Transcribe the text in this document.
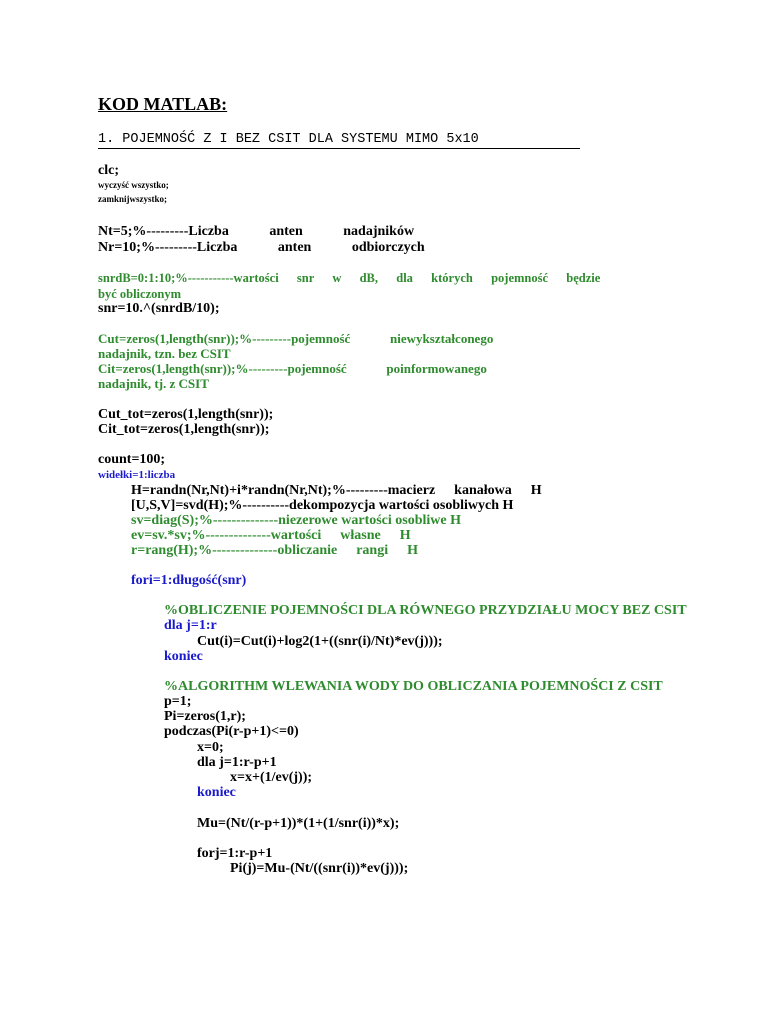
KOD MATLAB:
1. POJEMNOŚĆ Z I BEZ CSIT DLA SYSTEMU MIMO 5x10
clc;
wyczyść wszystko;
zamknijwszystko;
Nt=5;%---------Liczba   anten   nadajników
Nr=10;%---------Liczba   anten   odbiorczych
snrdB=0:1:10;%-----------wartości  snr  w  dB,  dla  których  pojemność  będzie
być obliczonym
snr=10.^(snrdB/10);
Cut=zeros(1,length(snr));%---------pojemność   niewykształconego
nadajnik, tzn. bez CSIT
Cit=zeros(1,length(snr));%---------pojemność   poinformowanego
nadajnik, tj. z CSIT
Cut_tot=zeros(1,length(snr));
Cit_tot=zeros(1,length(snr));
count=100;
widełki=1:liczba
H=randn(Nr,Nt)+i*randn(Nr,Nt);%---------macierz  kanałowa  H
[U,S,V]=svd(H);%----------dekompozycja wartości osobliwych H
sv=diag(S);%--------------niezerowe wartości osobliwe H
ev=sv.*sv;%--------------wartości  własne  H
r=rang(H);%--------------obliczanie  rangi  H
fori=1:długość(snr)
%OBLICZENIE POJEMNOŚCI DLA RÓWNEGO PRZYDZIAŁU MOCY BEZ CSIT
dla j=1:r
Cut(i)=Cut(i)+log2(1+((snr(i)/Nt)*ev(j)));
koniec
%ALGORITHM WLEWANIA WODY DO OBLICZANIA POJEMNOŚCI Z CSIT
p=1;
Pi=zeros(1,r);
podczas(Pi(r-p+1)<=0)
x=0;
dla j=1:r-p+1
x=x+(1/ev(j));
koniec
Mu=(Nt/(r-p+1))*(1+(1/snr(i))*x);
forj=1:r-p+1
Pi(j)=Mu-(Nt/((snr(i))*ev(j)));
